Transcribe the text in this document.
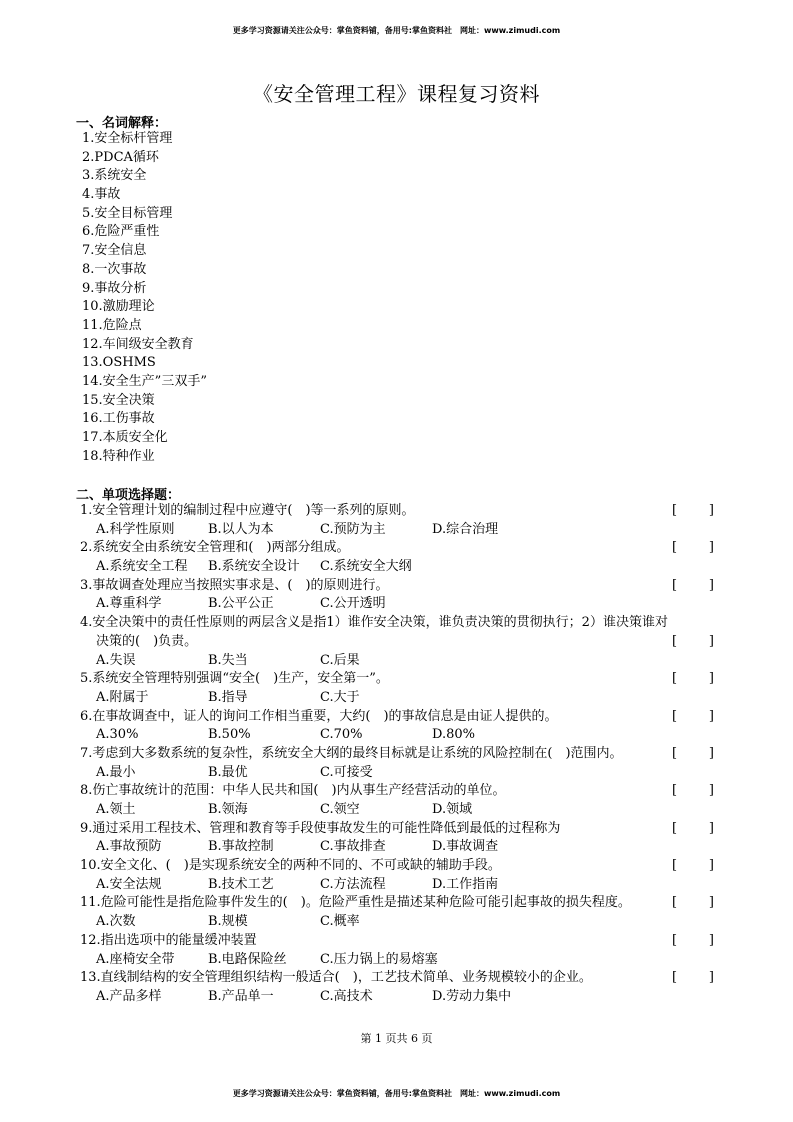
更多学习资源请关注公众号：掌鱼资料铺，备用号:掌鱼资料社　网址：www.zimudi.com
《安全管理工程》课程复习资料
一、名词解释：
1.安全标杆管理
2.PDCA循环
3.系统安全
4.事故
5.安全目标管理
6.危险严重性
7.安全信息
8.一次事故
9.事故分析
10.激励理论
11.危险点
12.车间级安全教育
13.OSHMS
14.安全生产”三双手”
15.安全决策
16.工伤事故
17.本质安全化
18.特种作业
二、单项选择题：
1.安全管理计划的编制过程中应遵守(　)等一系列的原则。	[ ]
A.科学性原则	B.以人为本	C.预防为主	D.综合治理
2.系统安全由系统安全管理和(　)两部分组成。	[ ]
A.系统安全工程	B.系统安全设计	C.系统安全大纲
3.事故调查处理应当按照实事求是、(　)的原则进行。	[ ]
A.尊重科学	B.公平公正	C.公开透明
4.安全决策中的责任性原则的两层含义是指1）谁作安全决策，谁负责决策的贯彻执行；2）谁决策谁对
决策的(　)负责。	[ ]
A.失误	B.失当	C.后果
5.系统安全管理特别强调“安全(　)生产，安全第一”。	[ ]
A.附属于	B.指导	C.大于
6.在事故调查中，证人的询问工作相当重要，大约(　)的事故信息是由证人提供的。	[ ]
A.30%	B.50%	C.70%	D.80%
7.考虑到大多数系统的复杂性，系统安全大纲的最终目标就是让系统的风险控制在(　)范围内。	[ ]
A.最小	B.最优	C.可接受
8.伤亡事故统计的范围：中华人民共和国(　)内从事生产经营活动的单位。	[ ]
A.领土	B.领海	C.领空	D.领域
9.通过采用工程技术、管理和教育等手段使事故发生的可能性降低到最低的过程称为	[ ]
A.事故预防	B.事故控制	C.事故排查	D.事故调查
10.安全文化、(　)是实现系统安全的两种不同的、不可或缺的辅助手段。	[ ]
A.安全法规	B.技术工艺	C.方法流程	D.工作指南
11.危险可能性是指危险事件发生的(　)。危险严重性是描述某种危险可能引起事故的损失程度。	[ ]
A.次数	B.规模	C.概率
12.指出选项中的能量缓冲装置	[ ]
A.座椅安全带	B.电路保险丝	C.压力锅上的易熔塞
13.直线制结构的安全管理组织结构一般适合(　)，工艺技术简单、业务规模较小的企业。	[ ]
A.产品多样	B.产品单一	C.高技术	D.劳动力集中
第 1 页共 6 页
更多学习资源请关注公众号：掌鱼资料铺，备用号:掌鱼资料社　网址：www.zimudi.com
